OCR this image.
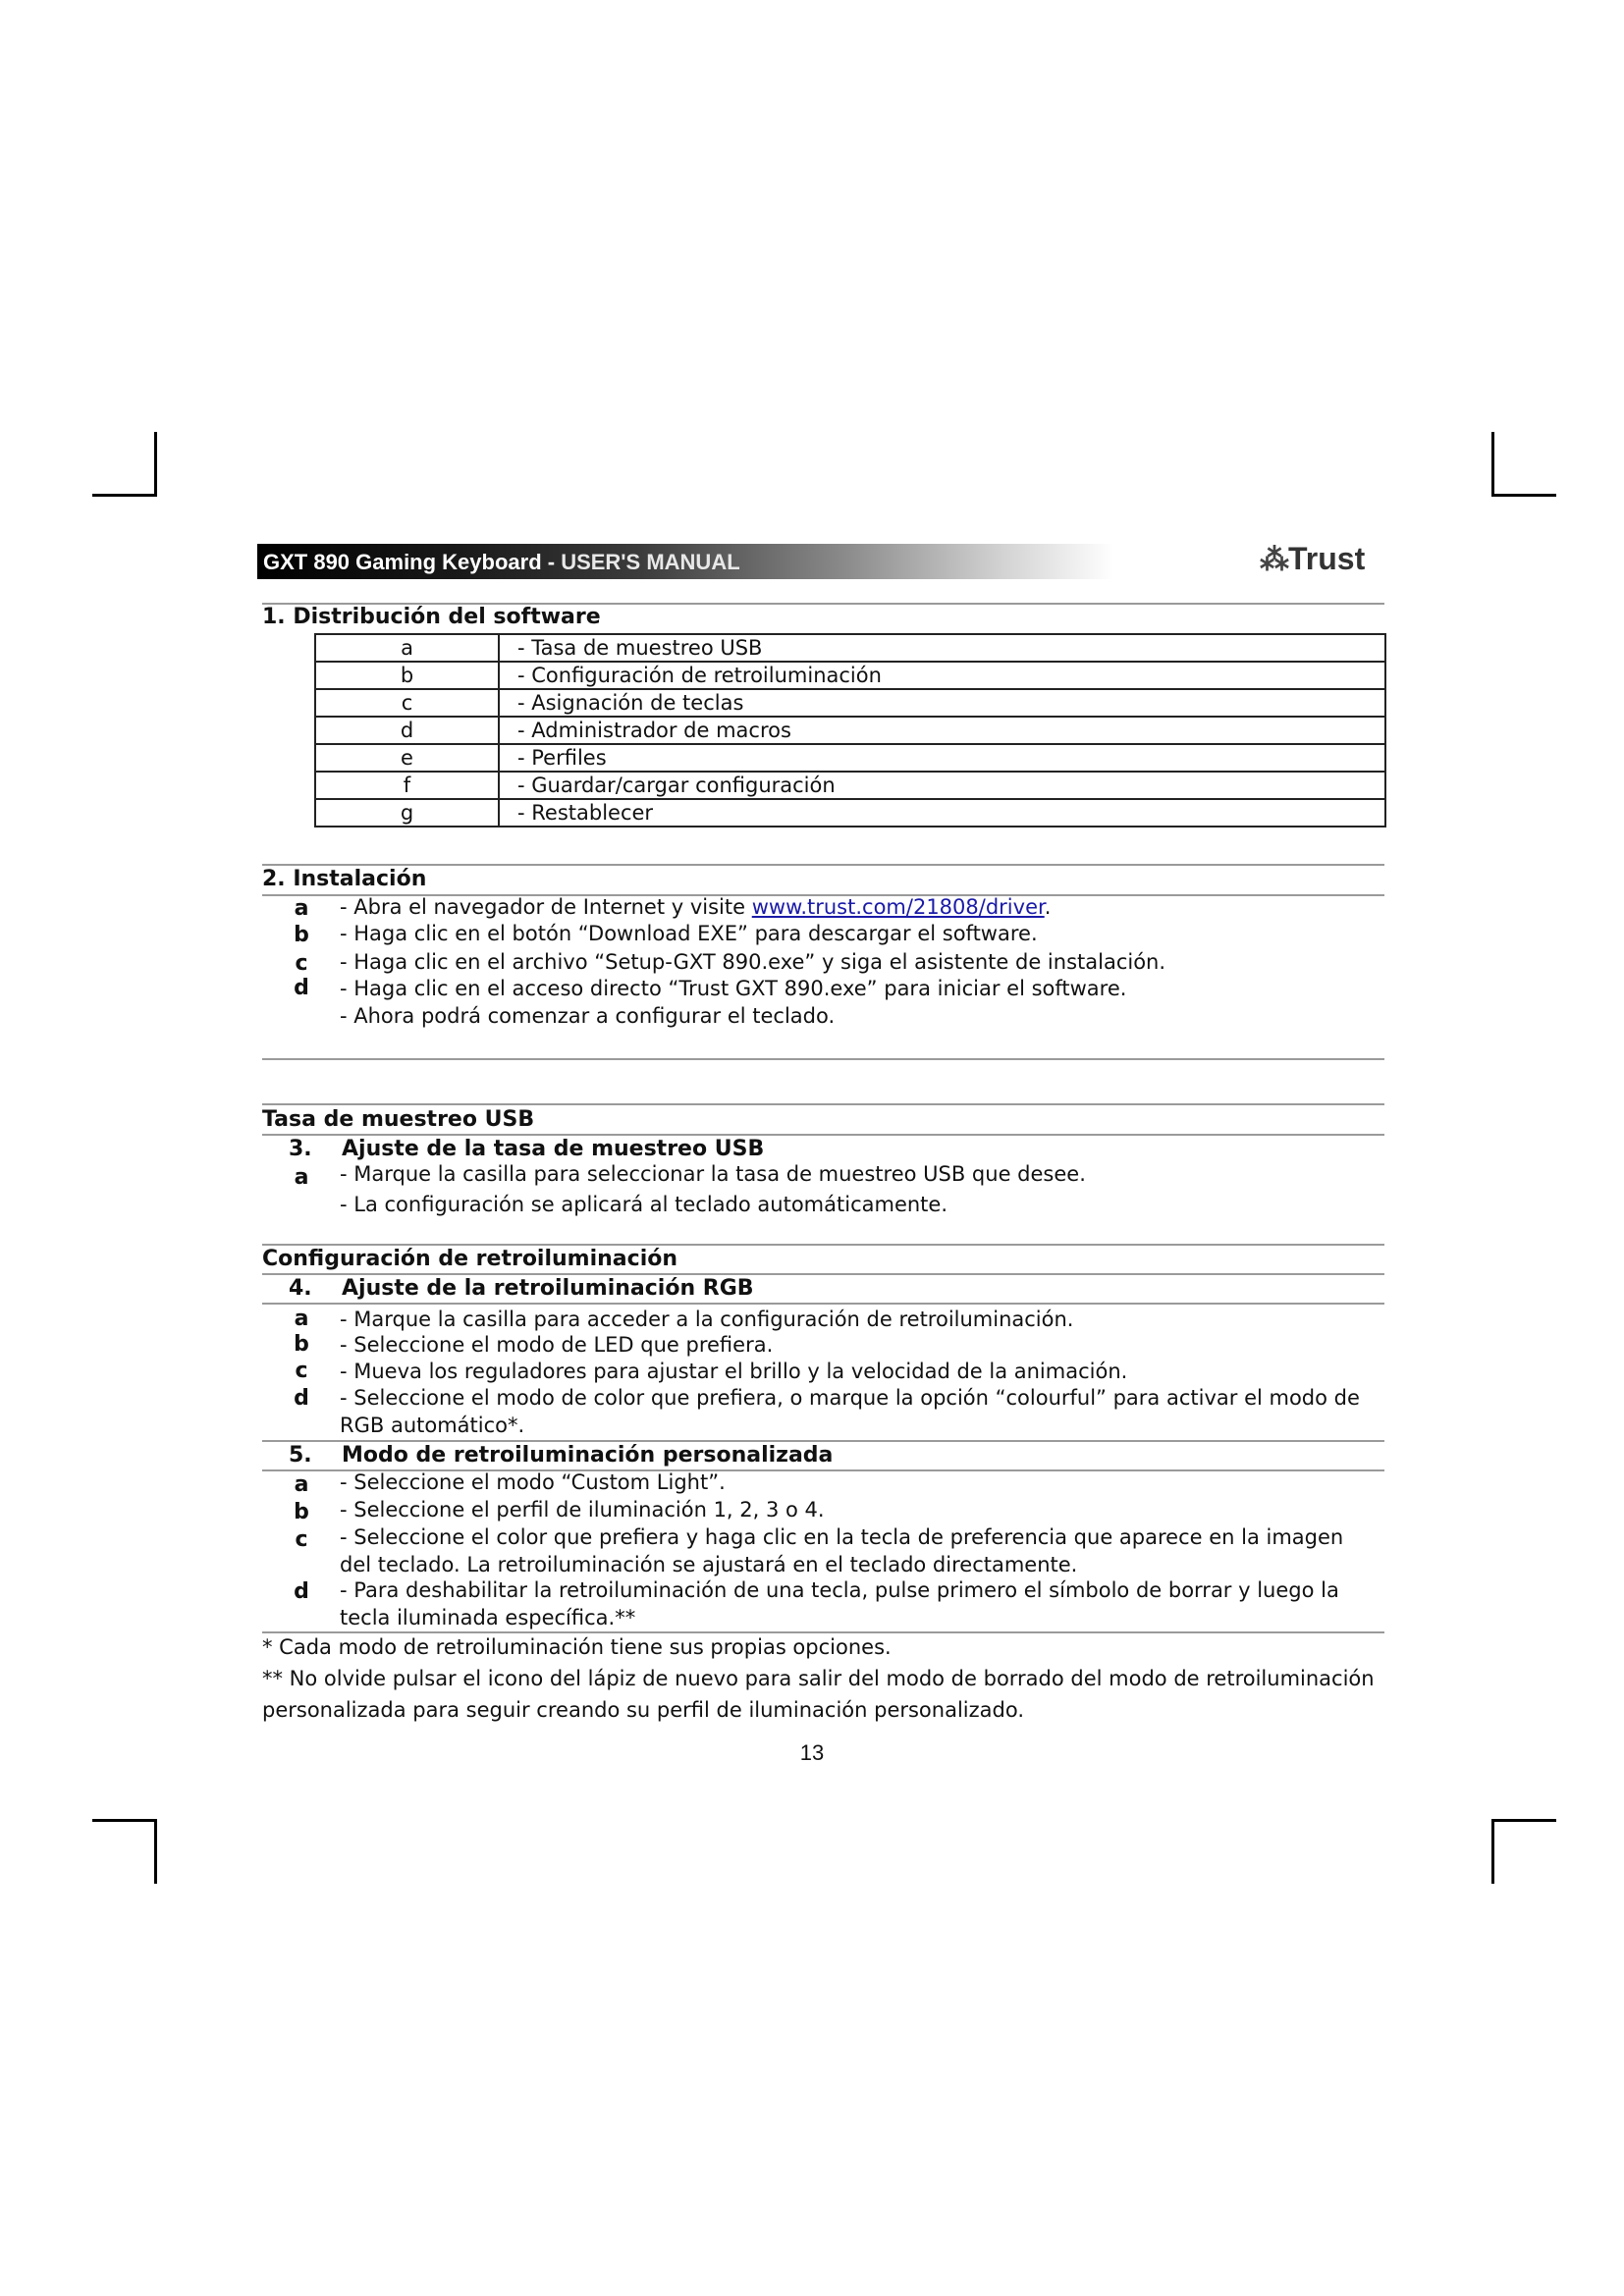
GXT 890 Gaming Keyboard - USER'S MANUAL	⁂Trust
1. Distribución del software
a	- Tasa de muestreo USB
b	- Configuración de retroiluminación
c	- Asignación de teclas
d	- Administrador de macros
e	- Perfiles
f	- Guardar/cargar configuración
g	- Restablecer
2. Instalación
a - Abra el navegador de Internet y visite www.trust.com/21808/driver.
b - Haga clic en el botón “Download EXE” para descargar el software.
c - Haga clic en el archivo “Setup-GXT 890.exe” y siga el asistente de instalación.
d - Haga clic en el acceso directo “Trust GXT 890.exe” para iniciar el software.
- Ahora podrá comenzar a configurar el teclado.
Tasa de muestreo USB
3. Ajuste de la tasa de muestreo USB
a - Marque la casilla para seleccionar la tasa de muestreo USB que desee.
- La configuración se aplicará al teclado automáticamente.
Configuración de retroiluminación
4. Ajuste de la retroiluminación RGB
a - Marque la casilla para acceder a la configuración de retroiluminación.
b - Seleccione el modo de LED que prefiera.
c - Mueva los reguladores para ajustar el brillo y la velocidad de la animación.
d - Seleccione el modo de color que prefiera, o marque la opción “colourful” para activar el modo de RGB automático*.
5. Modo de retroiluminación personalizada
a - Seleccione el modo “Custom Light”.
b - Seleccione el perfil de iluminación 1, 2, 3 o 4.
c - Seleccione el color que prefiera y haga clic en la tecla de preferencia que aparece en la imagen del teclado. La retroiluminación se ajustará en el teclado directamente.
d - Para deshabilitar la retroiluminación de una tecla, pulse primero el símbolo de borrar y luego la tecla iluminada específica.**
* Cada modo de retroiluminación tiene sus propias opciones.
** No olvide pulsar el icono del lápiz de nuevo para salir del modo de borrado del modo de retroiluminación personalizada para seguir creando su perfil de iluminación personalizado.
13
